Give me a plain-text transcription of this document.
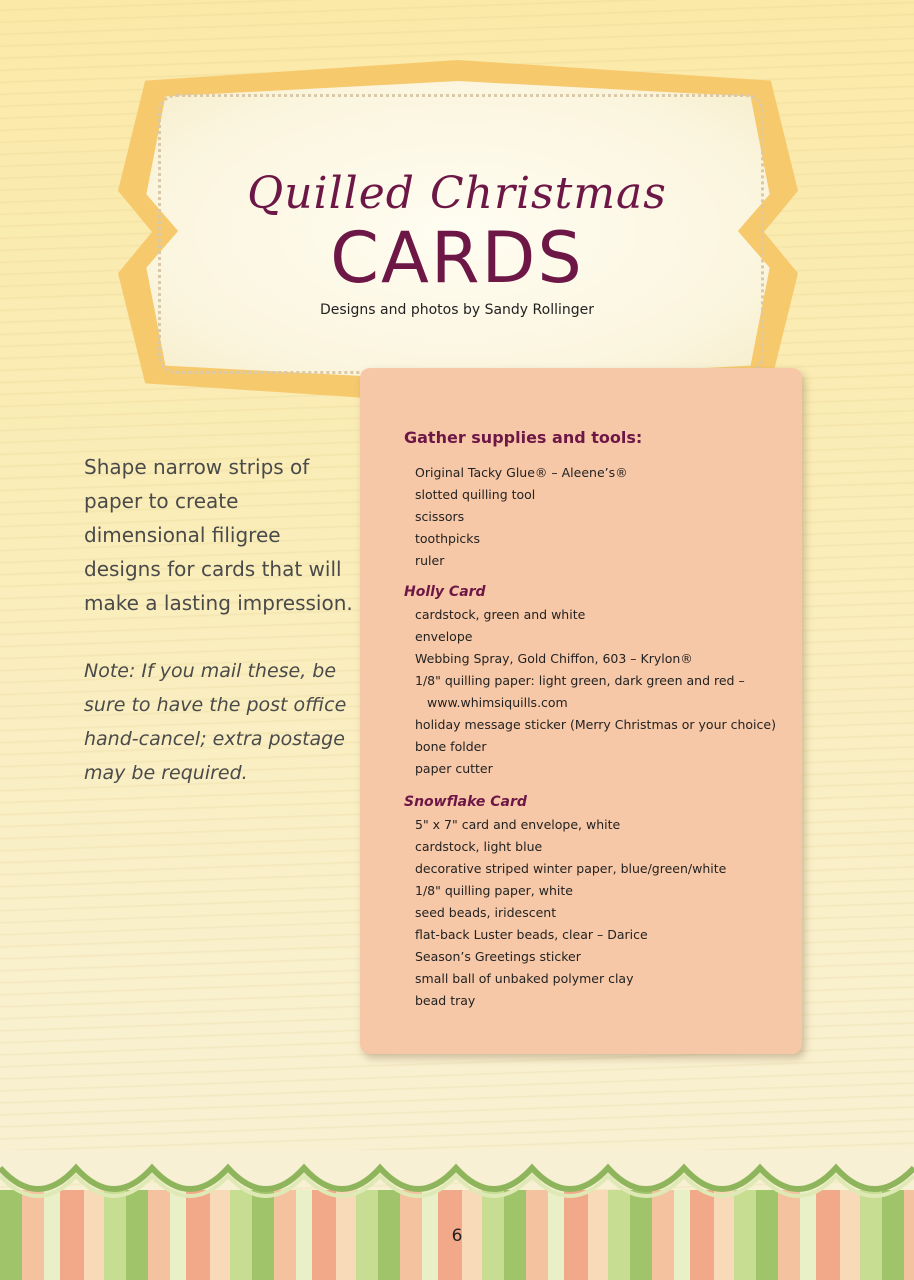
Quilled Christmas
CARDS
Designs and photos by Sandy Rollinger
Shape narrow strips of paper to create dimensional filigree designs for cards that will make a lasting impression.
Note: If you mail these, be sure to have the post office hand-cancel; extra postage may be required.
Gather supplies and tools:
Original Tacky Glue® – Aleene’s®
slotted quilling tool
scissors
toothpicks
ruler
Holly Card
cardstock, green and white
envelope
Webbing Spray, Gold Chiffon, 603 – Krylon®
1/8" quilling paper: light green, dark green and red –
www.whimsiquills.com
holiday message sticker (Merry Christmas or your choice)
bone folder
paper cutter
Snowflake Card
5" x 7" card and envelope, white
cardstock, light blue
decorative striped winter paper, blue/green/white
1/8" quilling paper, white
seed beads, iridescent
flat-back Luster beads, clear – Darice
Season’s Greetings sticker
small ball of unbaked polymer clay
bead tray
6
